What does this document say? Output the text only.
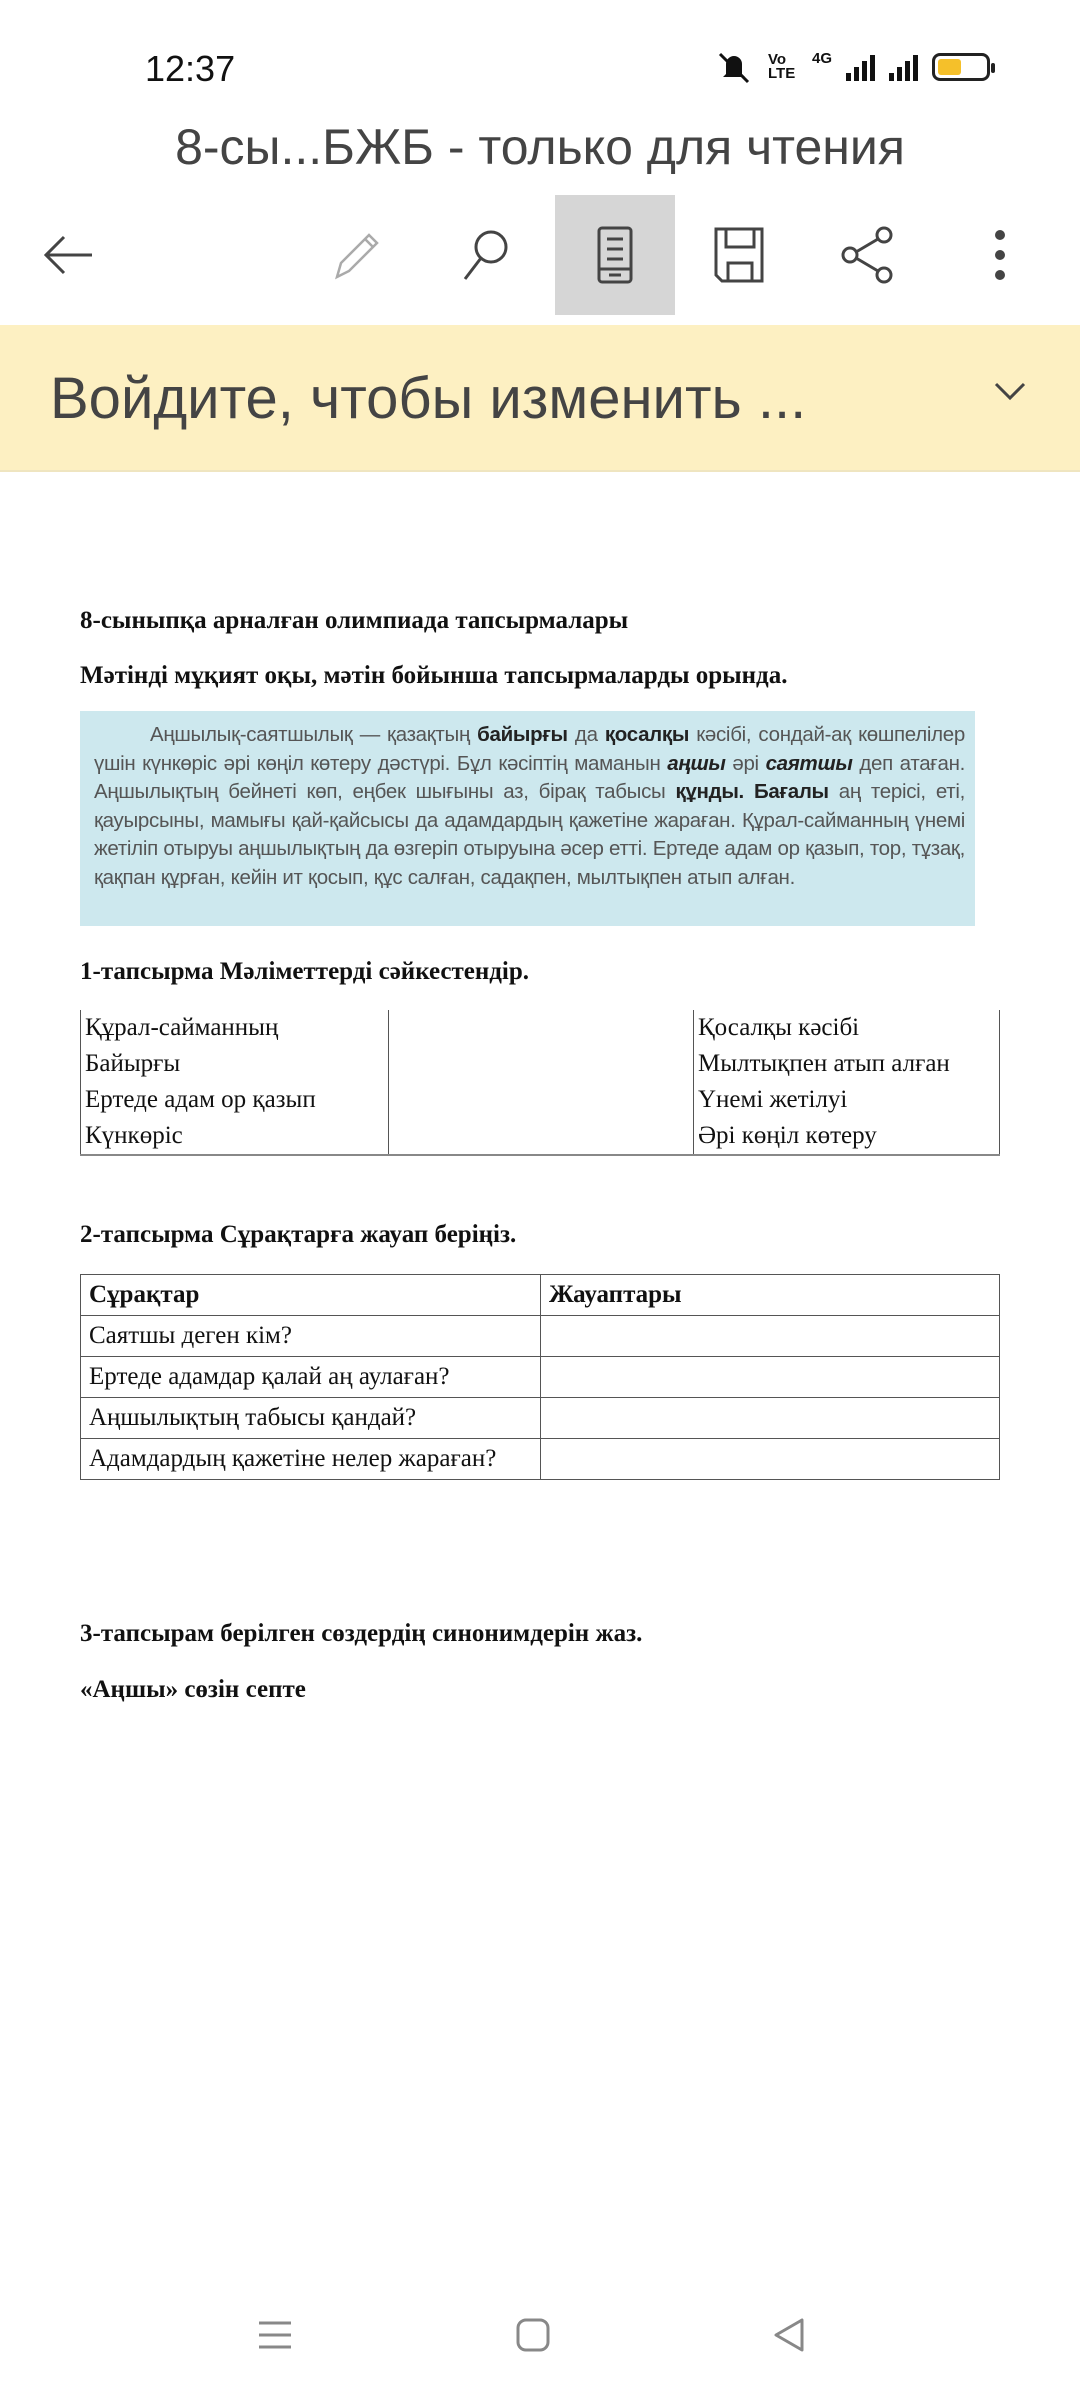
12:37	Vo LTE
4G
8-сы...БЖБ - только для чтения
Войдите, чтобы изменить ...
8-сыныпқа арналған олимпиада тапсырмалары
Мәтінді мұқият оқы, мәтін бойынша тапсырмаларды орында.
Аңшылық-саятшылық — қазақтың байырғы да қосалқы кәсібі, сондай-ақ көшпелілер үшін күнкөріс әрі көңіл көтеру дәстүрі. Бұл кәсіптің маманын аңшы әрі саятшы деп атаған. Аңшылықтың бейнеті көп, еңбек шығыны аз, бірақ табысы құнды. Бағалы аң терісі, еті, қауырсыны, мамығы қай-қайсысы да адамдардың қажетіне жараған. Құрал-сайманның үнемі жетіліп отыруы аңшылықтың да өзгеріп отыруына әсер етті. Ертеде адам ор қазып, тор, тұзақ, қақпан құрған, кейін ит қосып, құс салған, садақпен, мылтықпен атып алған.
1-тапсырма Мәліметтерді сәйкестендір.
Құрал-сайманның		Қосалқы кәсібі
Байырғы		Мылтықпен атып алған
Ертеде адам ор қазып		Үнемі жетілуі
Күнкөріс		Әрі көңіл көтеру
2-тапсырма Сұрақтарға жауап беріңіз.
Сұрақтар	Жауаптары
Саятшы деген кім?	
Ертеде адамдар қалай аң аулаған?	
Аңшылықтың табысы қандай?	
Адамдардың қажетіне нелер жараған?	
3-тапсырам берілген сөздердің синонимдерін жаз.
«Аңшы» сөзін септе
